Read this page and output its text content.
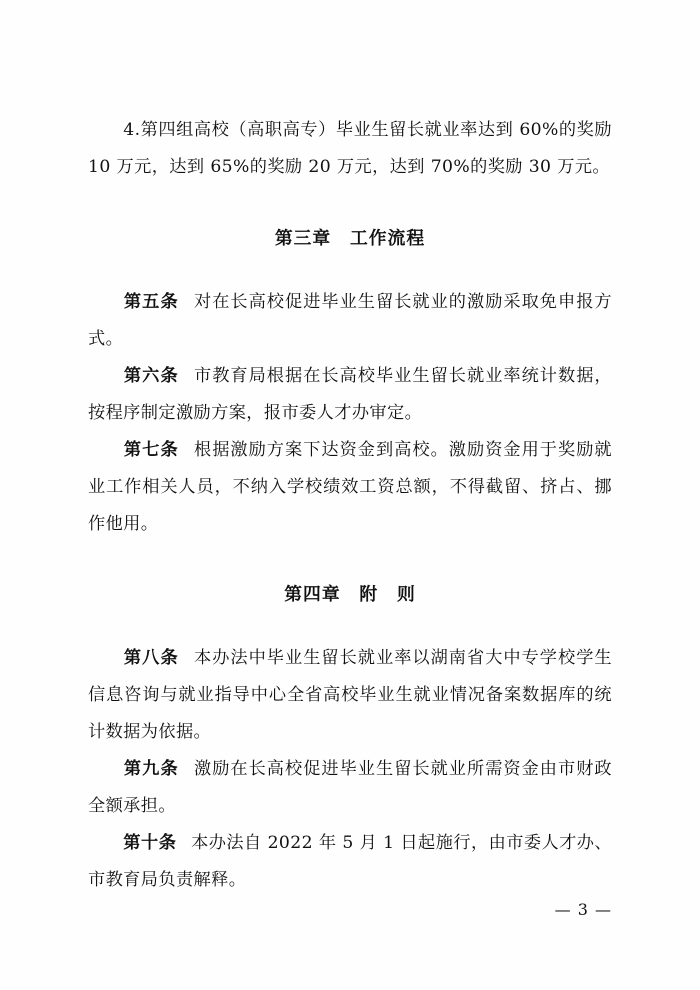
4.第四组高校（高职高专）毕业生留长就业率达到 60%的奖励 10 万元，达到 65%的奖励 20 万元，达到 70%的奖励 30 万元。

第三章　工作流程

第五条 对在长高校促进毕业生留长就业的激励采取免申报方式。

第六条 市教育局根据在长高校毕业生留长就业率统计数据，按程序制定激励方案，报市委人才办审定。

第七条 根据激励方案下达资金到高校。激励资金用于奖励就业工作相关人员，不纳入学校绩效工资总额，不得截留、挤占、挪作他用。

第四章　附　则

第八条 本办法中毕业生留长就业率以湖南省大中专学校学生信息咨询与就业指导中心全省高校毕业生就业情况备案数据库的统计数据为依据。

第九条 激励在长高校促进毕业生留长就业所需资金由市财政全额承担。

第十条 本办法自 2022 年 5 月 1 日起施行，由市委人才办、市教育局负责解释。

— 3 —
